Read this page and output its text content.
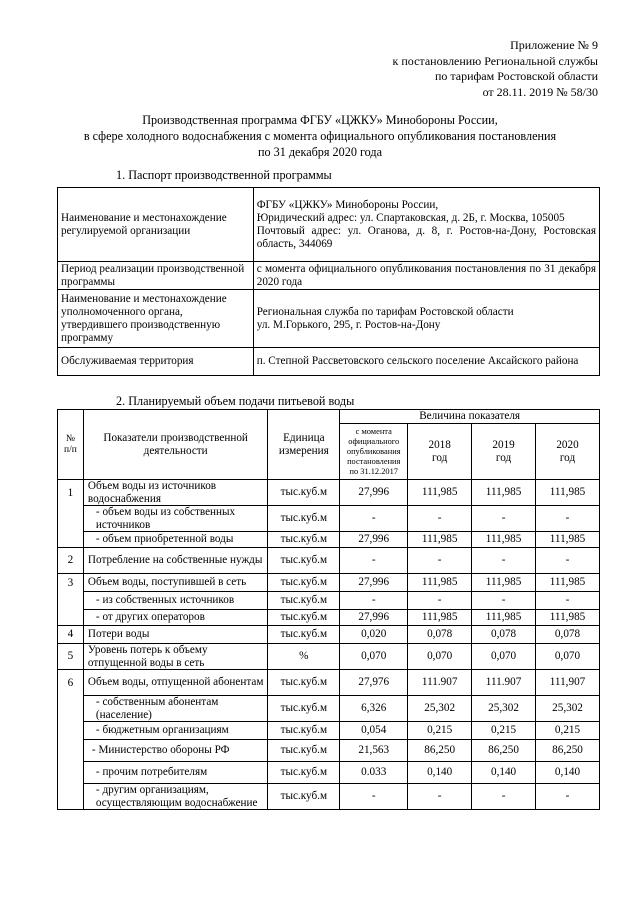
Приложение № 9
к постановлению Региональной службы
по тарифам Ростовской области
от 28.11. 2019 № 58/30
Производственная программа ФГБУ «ЦЖКУ» Минобороны России,
в сфере холодного водоснабжения с момента официального опубликования постановления
по 31 декабря 2020 года
1. Паспорт производственной программы
Наименование и местонахождение регулируемой организации	ФГБУ «ЦЖКУ» Минобороны России,
Юридический адрес: ул. Спартаковская, д. 2Б, г. Москва, 105005
Почтовый адрес: ул. Оганова, д. 8, г. Ростов-на-Дону, Ростовская область, 344069

Период реализации производственной программы	с момента официального опубликования постановления по 31 декабря 2020 года

Наименование и местонахождение уполномоченного органа, утвердившего производственную программу	Региональная служба по тарифам Ростовской области
ул. М.Горького, 295, г. Ростов-на-Дону

Обслуживаемая территория	п. Степной Рассветовского сельского поселение Аксайского района
2. Планируемый объем подачи питьевой воды
№ п/п	Показатели производственной деятельности	Единица измерения	Величина показателя			
			с момента официального опубликования постановления по 31.12.2017	2018 год	2019 год	2020 год
1	Объем воды из источников водоснабжения	тыс.куб.м	27,996	111,985	111,985	111,985
	- объем воды из собственных источников	тыс.куб.м	-	-	-	-
	- объем приобретенной воды	тыс.куб.м	27,996	111,985	111,985	111,985
2	Потребление на собственные нужды	тыс.куб.м	-	-	-	-
3	Объем воды, поступившей в сеть	тыс.куб.м	27,996	111,985	111,985	111,985
	- из собственных источников	тыс.куб.м	-	-	-	-
	- от других операторов	тыс.куб.м	27,996	111,985	111,985	111,985
4	Потери воды	тыс.куб.м	0,020	0,078	0,078	0,078
5	Уровень потерь к объему отпущенной воды в сеть	%	0,070	0,070	0,070	0,070
6	Объем воды, отпущенной абонентам	тыс.куб.м	27,976	111.907	111.907	111,907
	- собственным абонентам (население)	тыс.куб.м	6,326	25,302	25,302	25,302
	- бюджетным организациям	тыс.куб.м	0,054	0,215	0,215	0,215
	- Министерство обороны РФ	тыс.куб.м	21,563	86,250	86,250	86,250
	- прочим потребителям	тыс.куб.м	0.033	0,140	0,140	0,140
	- другим организациям, осуществляющим водоснабжение	тыс.куб.м	-	-	-	-
